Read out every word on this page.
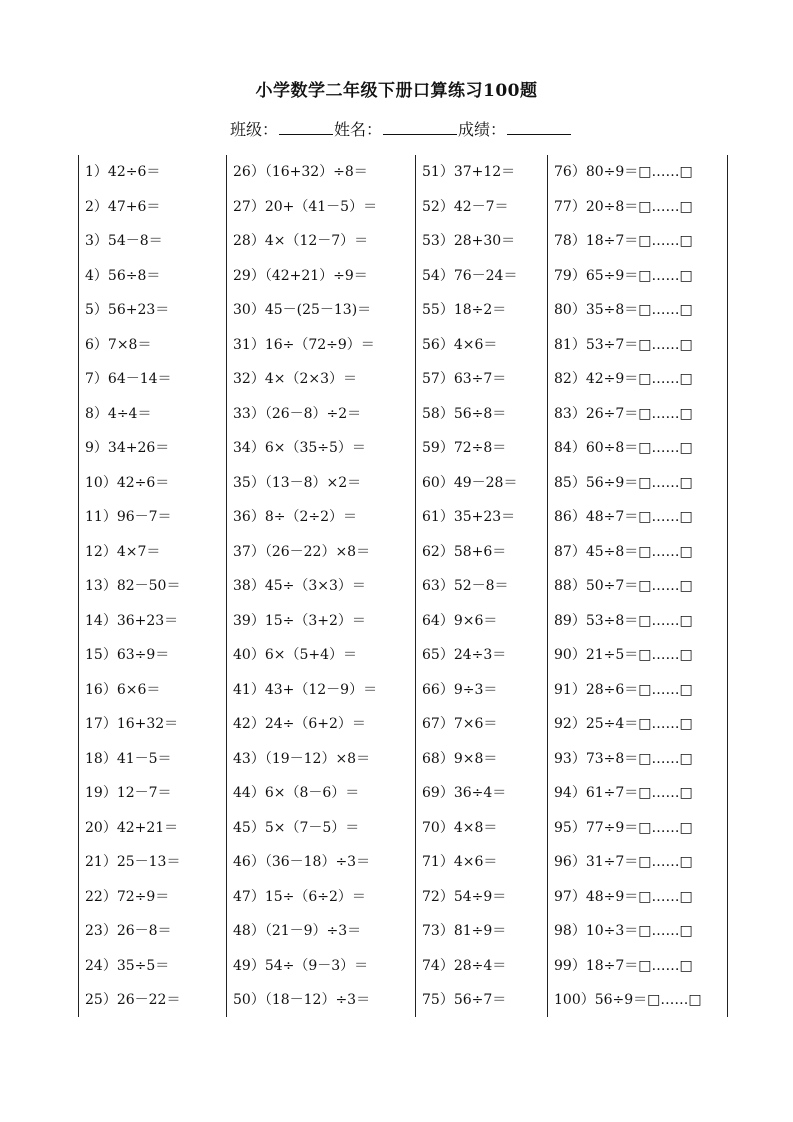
小学数学二年级下册口算练习100题
班级：	姓名：	成绩：
1）42÷6＝
2）47+6＝
3）54－8＝
4）56÷8＝
5）56+23＝
6）7×8＝
7）64－14＝
8）4÷4＝
9）34+26＝
10）42÷6＝
11）96－7＝
12）4×7＝
13）82－50＝
14）36+23＝
15）63÷9＝
16）6×6＝
17）16+32＝
18）41－5＝
19）12－7＝
20）42+21＝
21）25－13＝
22）72÷9＝
23）26－8＝
24）35÷5＝
25）26－22＝
26）（16+32）÷8＝
27）20+（41－5）＝
28）4×（12－7）＝
29）（42+21）÷9＝
30）45－(25－13)＝
31）16÷（72÷9）＝
32）4×（2×3）＝
33）（26－8）÷2＝
34）6×（35÷5）＝
35）（13－8）×2＝
36）8÷（2÷2）＝
37）（26－22）×8＝
38）45÷（3×3）＝
39）15÷（3+2）＝
40）6×（5+4）＝
41）43+（12－9）＝
42）24÷（6+2）＝
43）（19－12）×8＝
44）6×（8－6）＝
45）5×（7－5）＝
46）（36－18）÷3＝
47）15÷（6÷2）＝
48）（21－9）÷3＝
49）54÷（9－3）＝
50）（18－12）÷3＝
51）37+12＝
52）42－7＝
53）28+30＝
54）76－24＝
55）18÷2＝
56）4×6＝
57）63÷7＝
58）56÷8＝
59）72÷8＝
60）49－28＝
61）35+23＝
62）58+6＝
63）52－8＝
64）9×6＝
65）24÷3＝
66）9÷3＝
67）7×6＝
68）9×8＝
69）36÷4＝
70）4×8＝
71）4×6＝
72）54÷9＝
73）81÷9＝
74）28÷4＝
75）56÷7＝
76）80÷9＝□……□
77）20÷8＝□……□
78）18÷7＝□……□
79）65÷9＝□……□
80）35÷8＝□……□
81）53÷7＝□……□
82）42÷9＝□……□
83）26÷7＝□……□
84）60÷8＝□……□
85）56÷9＝□……□
86）48÷7＝□……□
87）45÷8＝□……□
88）50÷7＝□……□
89）53÷8＝□……□
90）21÷5＝□……□
91）28÷6＝□……□
92）25÷4＝□……□
93）73÷8＝□……□
94）61÷7＝□……□
95）77÷9＝□……□
96）31÷7＝□……□
97）48÷9＝□……□
98）10÷3＝□……□
99）18÷7＝□……□
100）56÷9＝□……□
